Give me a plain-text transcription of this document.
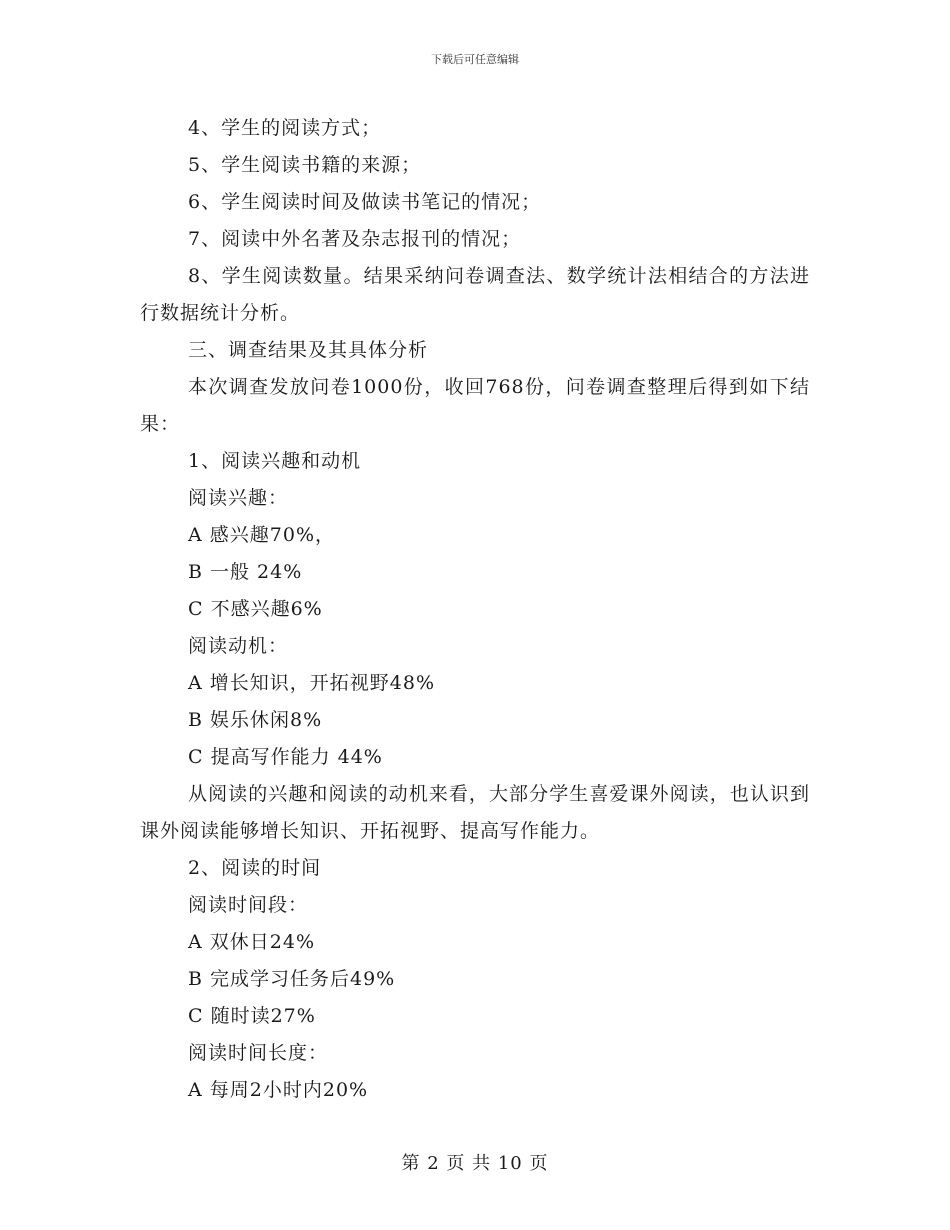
下载后可任意编辑

4、学生的阅读方式；

5、学生阅读书籍的来源；

6、学生阅读时间及做读书笔记的情况；

7、阅读中外名著及杂志报刊的情况；

8、学生阅读数量。结果采纳问卷调查法、数学统计法相结合的方法进行数据统计分析。

三、调查结果及其具体分析

本次调查发放问卷1000份，收回768份，问卷调查整理后得到如下结果：

1、阅读兴趣和动机

阅读兴趣：

A 感兴趣70%，

B 一般 24%

C 不感兴趣6%

阅读动机：

A 增长知识，开拓视野48%

B 娱乐休闲8%

C 提高写作能力 44%

从阅读的兴趣和阅读的动机来看，大部分学生喜爱课外阅读，也认识到课外阅读能够增长知识、开拓视野、提高写作能力。

2、阅读的时间

阅读时间段：

A 双休日24%

B 完成学习任务后49%

C 随时读27%

阅读时间长度：

A 每周2小时内20%

第 2 页 共 10 页
